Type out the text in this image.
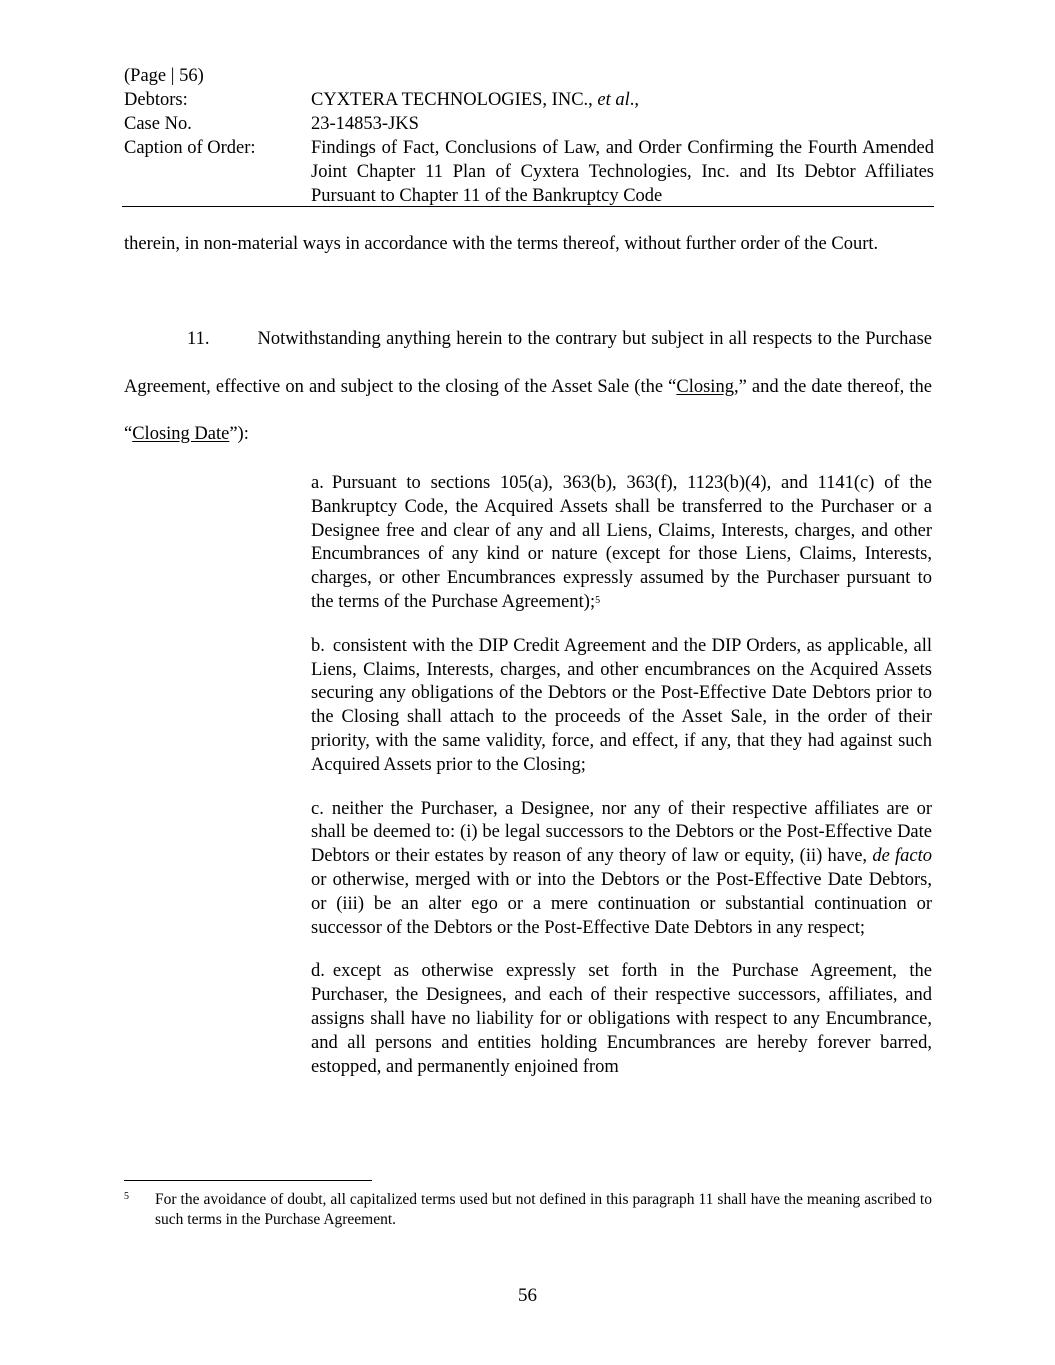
(Page | 56)
Debtors:	CYXTERA TECHNOLOGIES, INC., et al.,
Case No.	23-14853-JKS
Caption of Order:	Findings of Fact, Conclusions of Law, and Order Confirming the Fourth Amended Joint Chapter 11 Plan of Cyxtera Technologies, Inc. and Its Debtor Affiliates Pursuant to Chapter 11 of the Bankruptcy Code
therein, in non-material ways in accordance with the terms thereof, without further order of the Court.
11.	Notwithstanding anything herein to the contrary but subject in all respects to the Purchase Agreement, effective on and subject to the closing of the Asset Sale (the “Closing,” and the date thereof, the “Closing Date”):
a. Pursuant to sections 105(a), 363(b), 363(f), 1123(b)(4), and 1141(c) of the Bankruptcy Code, the Acquired Assets shall be transferred to the Purchaser or a Designee free and clear of any and all Liens, Claims, Interests, charges, and other Encumbrances of any kind or nature (except for those Liens, Claims, Interests, charges, or other Encumbrances expressly assumed by the Purchaser pursuant to the terms of the Purchase Agreement);$^5$
b. consistent with the DIP Credit Agreement and the DIP Orders, as applicable, all Liens, Claims, Interests, charges, and other encumbrances on the Acquired Assets securing any obligations of the Debtors or the Post-Effective Date Debtors prior to the Closing shall attach to the proceeds of the Asset Sale, in the order of their priority, with the same validity, force, and effect, if any, that they had against such Acquired Assets prior to the Closing;
c. neither the Purchaser, a Designee, nor any of their respective affiliates are or shall be deemed to: (i) be legal successors to the Debtors or the Post-Effective Date Debtors or their estates by reason of any theory of law or equity, (ii) have, de facto or otherwise, merged with or into the Debtors or the Post-Effective Date Debtors, or (iii) be an alter ego or a mere continuation or substantial continuation or successor of the Debtors or the Post-Effective Date Debtors in any respect;
d. except as otherwise expressly set forth in the Purchase Agreement, the Purchaser, the Designees, and each of their respective successors, affiliates, and assigns shall have no liability for or obligations with respect to any Encumbrance, and all persons and entities holding Encumbrances are hereby forever barred, estopped, and permanently enjoined from
5	For the avoidance of doubt, all capitalized terms used but not defined in this paragraph 11 shall have the meaning ascribed to such terms in the Purchase Agreement.
56
